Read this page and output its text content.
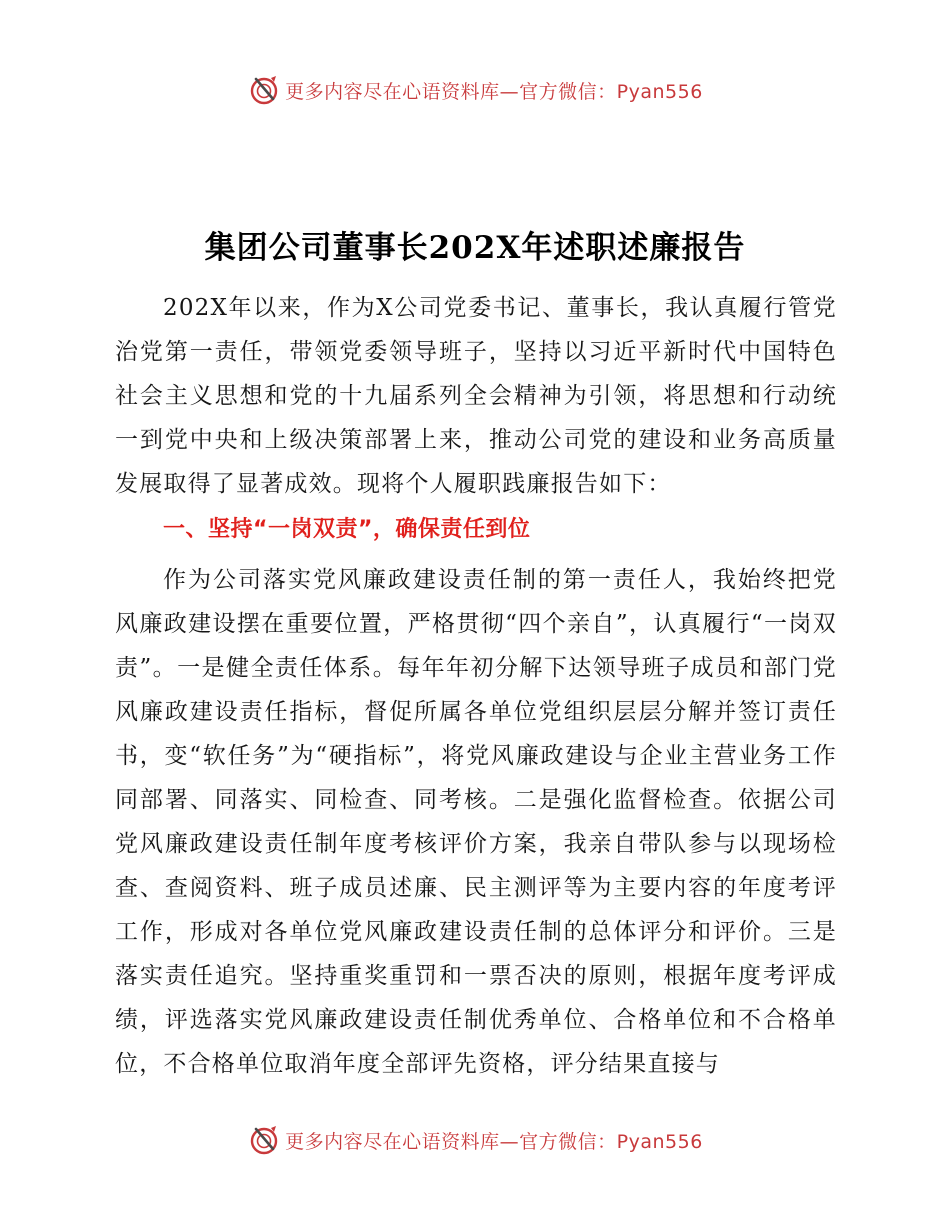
更多内容尽在心语资料库—官方微信：Pyan556
集团公司董事长202X年述职述廉报告

202X年以来，作为X公司党委书记、董事长，我认真履行管党治党第一责任，带领党委领导班子，坚持以习近平新时代中国特色社会主义思想和党的十九届系列全会精神为引领，将思想和行动统一到党中央和上级决策部署上来，推动公司党的建设和业务高质量发展取得了显著成效。现将个人履职践廉报告如下：

一、坚持“一岗双责”，确保责任到位

作为公司落实党风廉政建设责任制的第一责任人，我始终把党风廉政建设摆在重要位置，严格贯彻“四个亲自”，认真履行“一岗双责”。一是健全责任体系。每年年初分解下达领导班子成员和部门党风廉政建设责任指标，督促所属各单位党组织层层分解并签订责任书，变“软任务”为“硬指标”，将党风廉政建设与企业主营业务工作同部署、同落实、同检查、同考核。二是强化监督检查。依据公司党风廉政建设责任制年度考核评价方案，我亲自带队参与以现场检查、查阅资料、班子成员述廉、民主测评等为主要内容的年度考评工作，形成对各单位党风廉政建设责任制的总体评分和评价。三是落实责任追究。坚持重奖重罚和一票否决的原则，根据年度考评成绩，评选落实党风廉政建设责任制优秀单位、合格单位和不合格单位，不合格单位取消年度全部评先资格，评分结果直接与

更多内容尽在心语资料库—官方微信：Pyan556
